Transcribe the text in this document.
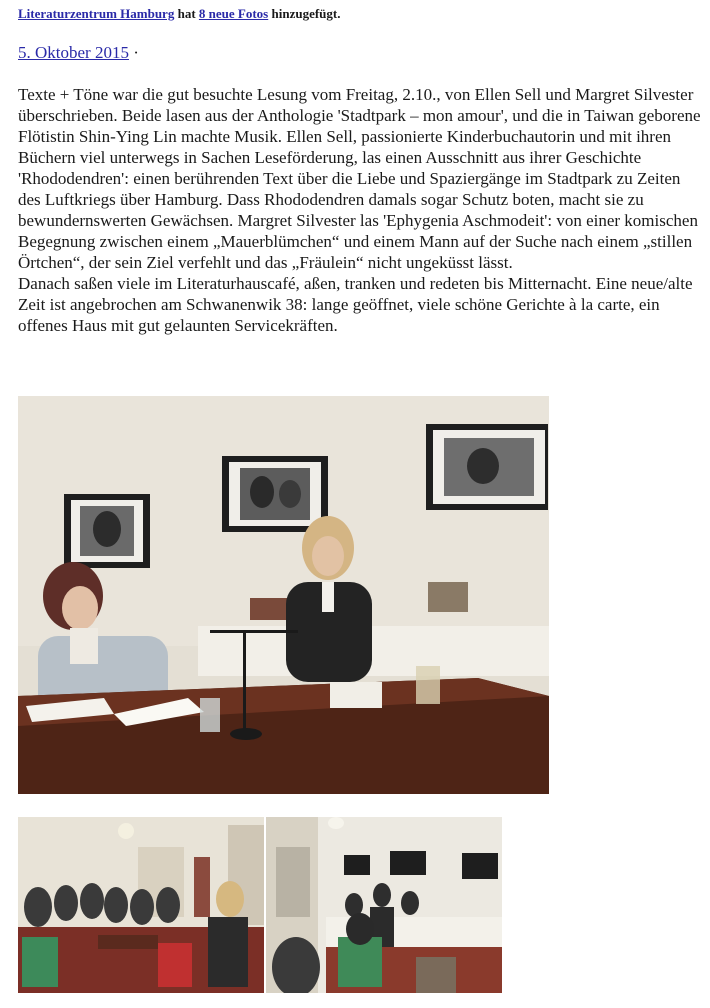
Literaturzentrum Hamburg hat 8 neue Fotos hinzugefügt.
5. Oktober 2015 ·

Texte + Töne war die gut besuchte Lesung vom Freitag, 2.10., von Ellen Sell und Margret Silvester überschrieben. Beide lasen aus der Anthologie 'Stadtpark – mon amour', und die in Taiwan geborene Flötistin Shin-Ying Lin machte Musik. Ellen Sell, passionierte Kinderbuchautorin und mit ihren Büchern viel unterwegs in Sachen Leseförderung, las einen Ausschnitt aus ihrer Geschichte 'Rhododendren': einen berührenden Text über die Liebe und Spaziergänge im Stadtpark zu Zeiten des Luftkriegs über Hamburg. Dass Rhododendren damals sogar Schutz boten, macht sie zu bewundernswerten Gewächsen. Margret Silvester las 'Ephygenia Aschmodeit': von einer komischen Begegnung zwischen einem „Mauerblümchen“ und einem Mann auf der Suche nach einem „stillen Örtchen“, der sein Ziel verfehlt und das „Fräulein“ nicht ungeküsst lässt.

Danach saßen viele im Literaturhauscafé, aßen, tranken und redeten bis Mitternacht. Eine neue/alte Zeit ist angebrochen am Schwanenwik 38: lange geöffnet, viele schöne Gerichte à la carte, ein offenes Haus mit gut gelaunten Servicekräften.
